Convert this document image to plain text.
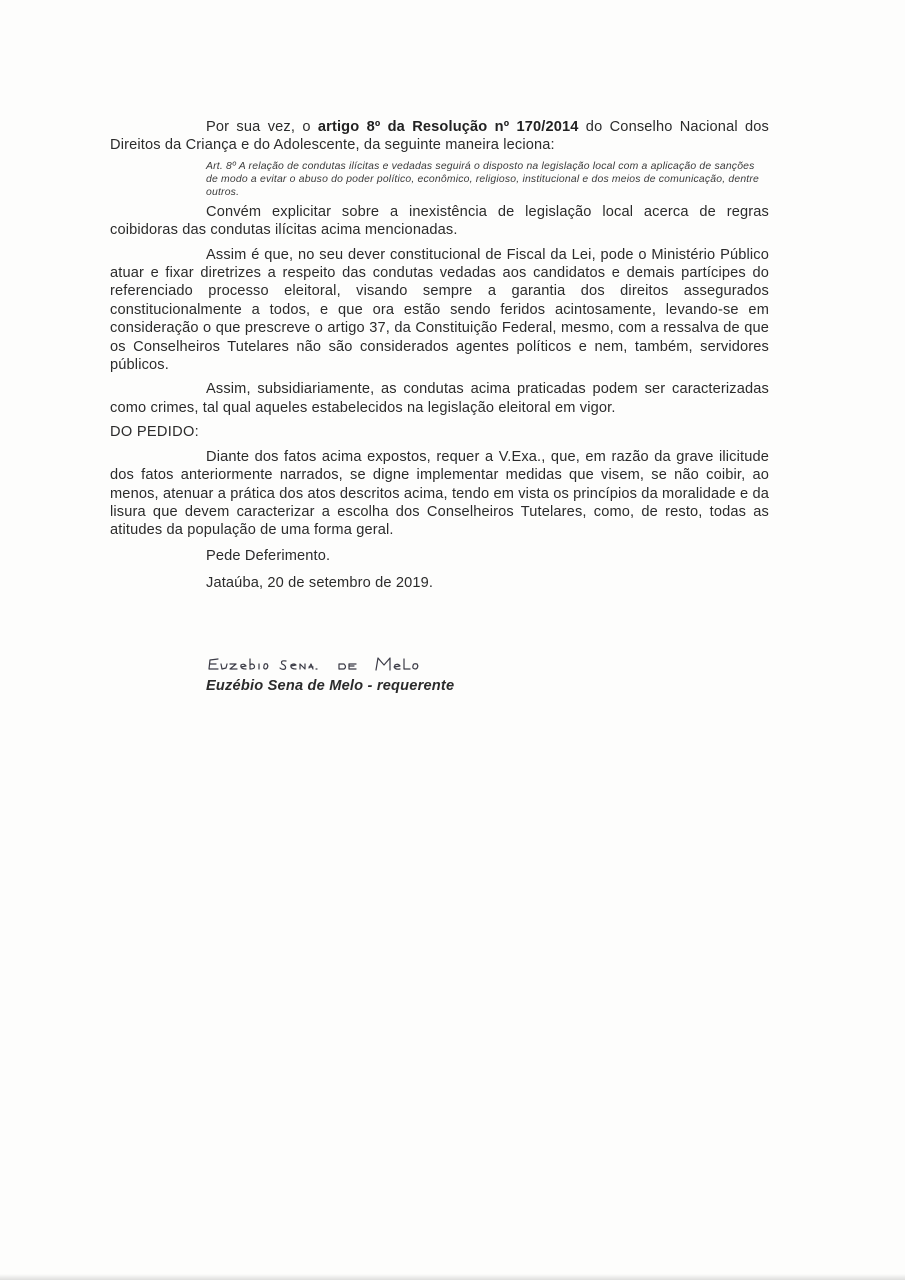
Por sua vez, o artigo 8º da Resolução nº 170/2014 do Conselho Nacional dos Direitos da Criança e do Adolescente, da seguinte maneira leciona:

Art. 8º A relação de condutas ilícitas e vedadas seguirá o disposto na legislação local com a aplicação de sanções de modo a evitar o abuso do poder político, econômico, religioso, institucional e dos meios de comunicação, dentre outros.

Convém explicitar sobre a inexistência de legislação local acerca de regras coibidoras das condutas ilícitas acima mencionadas.

Assim é que, no seu dever constitucional de Fiscal da Lei, pode o Ministério Público atuar e fixar diretrizes a respeito das condutas vedadas aos candidatos e demais partícipes do referenciado processo eleitoral, visando sempre a garantia dos direitos assegurados constitucionalmente a todos, e que ora estão sendo feridos acintosamente, levando-se em consideração o que prescreve o artigo 37, da Constituição Federal, mesmo, com a ressalva de que os Conselheiros Tutelares não são considerados agentes políticos e nem, também, servidores públicos.

Assim, subsidiariamente, as condutas acima praticadas podem ser caracterizadas como crimes, tal qual aqueles estabelecidos na legislação eleitoral em vigor.

DO PEDIDO:

Diante dos fatos acima expostos, requer a V.Exa., que, em razão da grave ilicitude dos fatos anteriormente narrados, se digne implementar medidas que visem, se não coibir, ao menos, atenuar a prática dos atos descritos acima, tendo em vista os princípios da moralidade e da lisura que devem caracterizar a escolha dos Conselheiros Tutelares, como, de resto, todas as atitudes da população de uma forma geral.

Pede Deferimento.
Jataúba, 20 de setembro de 2019.
Euzébio Sena de Melo - requerente
